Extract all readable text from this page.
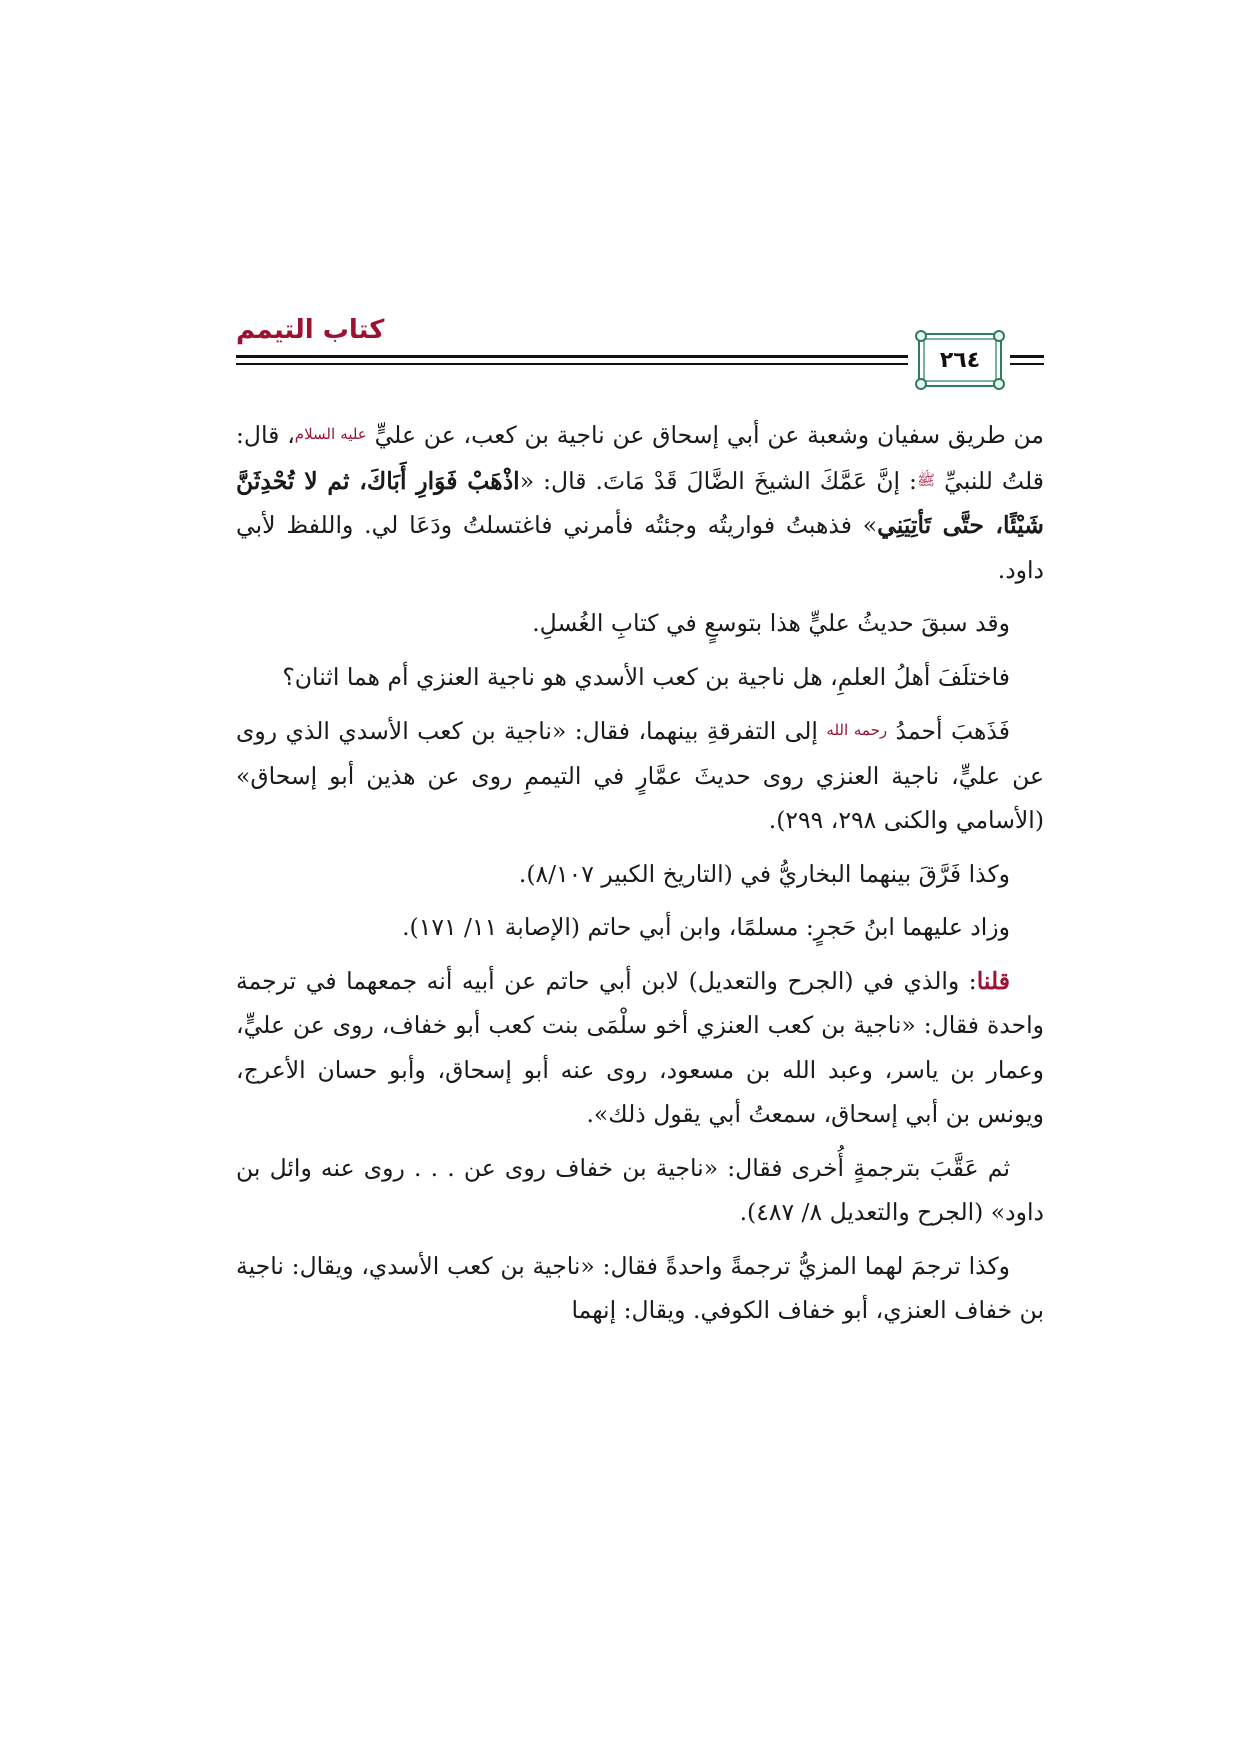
كتاب التيمم
٢٦٤

من طريق سفيان وشعبة عن أبي إسحاق عن ناجية بن كعب، عن عليٍّ عليه السلام، قال: قلتُ للنبيِّ ﷺ: إنَّ عَمَّكَ الشيخَ الضَّالَ قَدْ مَاتَ. قال: «اذْهَبْ فَوَارِ أَبَاكَ، ثم لا تُحْدِثَنَّ شَيْئًا، حتَّى تَأتِيَنِي» فذهبتُ فواريتُه وجئتُه فأمرني فاغتسلتُ ودَعَا لي. واللفظ لأبي داود.

وقد سبقَ حديثُ عليٍّ هذا بتوسعٍ في كتابِ الغُسلِ.

فاختلَفَ أهلُ العلمِ، هل ناجية بن كعب الأسدي هو ناجية العنزي أم هما اثنان؟

فَذَهبَ أحمدُ رحمه الله إلى التفرقةِ بينهما، فقال: «ناجية بن كعب الأسدي الذي روى عن عليٍّ، ناجية العنزي روى حديثَ عمَّارٍ في التيممِ روى عن هذين أبو إسحاق» (الأسامي والكنى ٢٩٨، ٢٩٩).

وكذا فَرَّقَ بينهما البخاريُّ في (التاريخ الكبير ٨/١٠٧).

وزاد عليهما ابنُ حَجرٍ: مسلمًا، وابن أبي حاتم (الإصابة ١١/ ١٧١).

قلنا: والذي في (الجرح والتعديل) لابن أبي حاتم عن أبيه أنه جمعهما في ترجمة واحدة فقال: «ناجية بن كعب العنزي أخو سلْمَى بنت كعب أبو خفاف، روى عن عليٍّ، وعمار بن ياسر، وعبد الله بن مسعود، روى عنه أبو إسحاق، وأبو حسان الأعرج، ويونس بن أبي إسحاق، سمعتُ أبي يقول ذلك».

ثم عَقَّبَ بترجمةٍ أُخرى فقال: «ناجية بن خفاف روى عن . . . روى عنه وائل بن داود» (الجرح والتعديل ٨/ ٤٨٧).

وكذا ترجمَ لهما المزيُّ ترجمةً واحدةً فقال: «ناجية بن كعب الأسدي، ويقال: ناجية بن خفاف العنزي، أبو خفاف الكوفي. ويقال: إنهما
